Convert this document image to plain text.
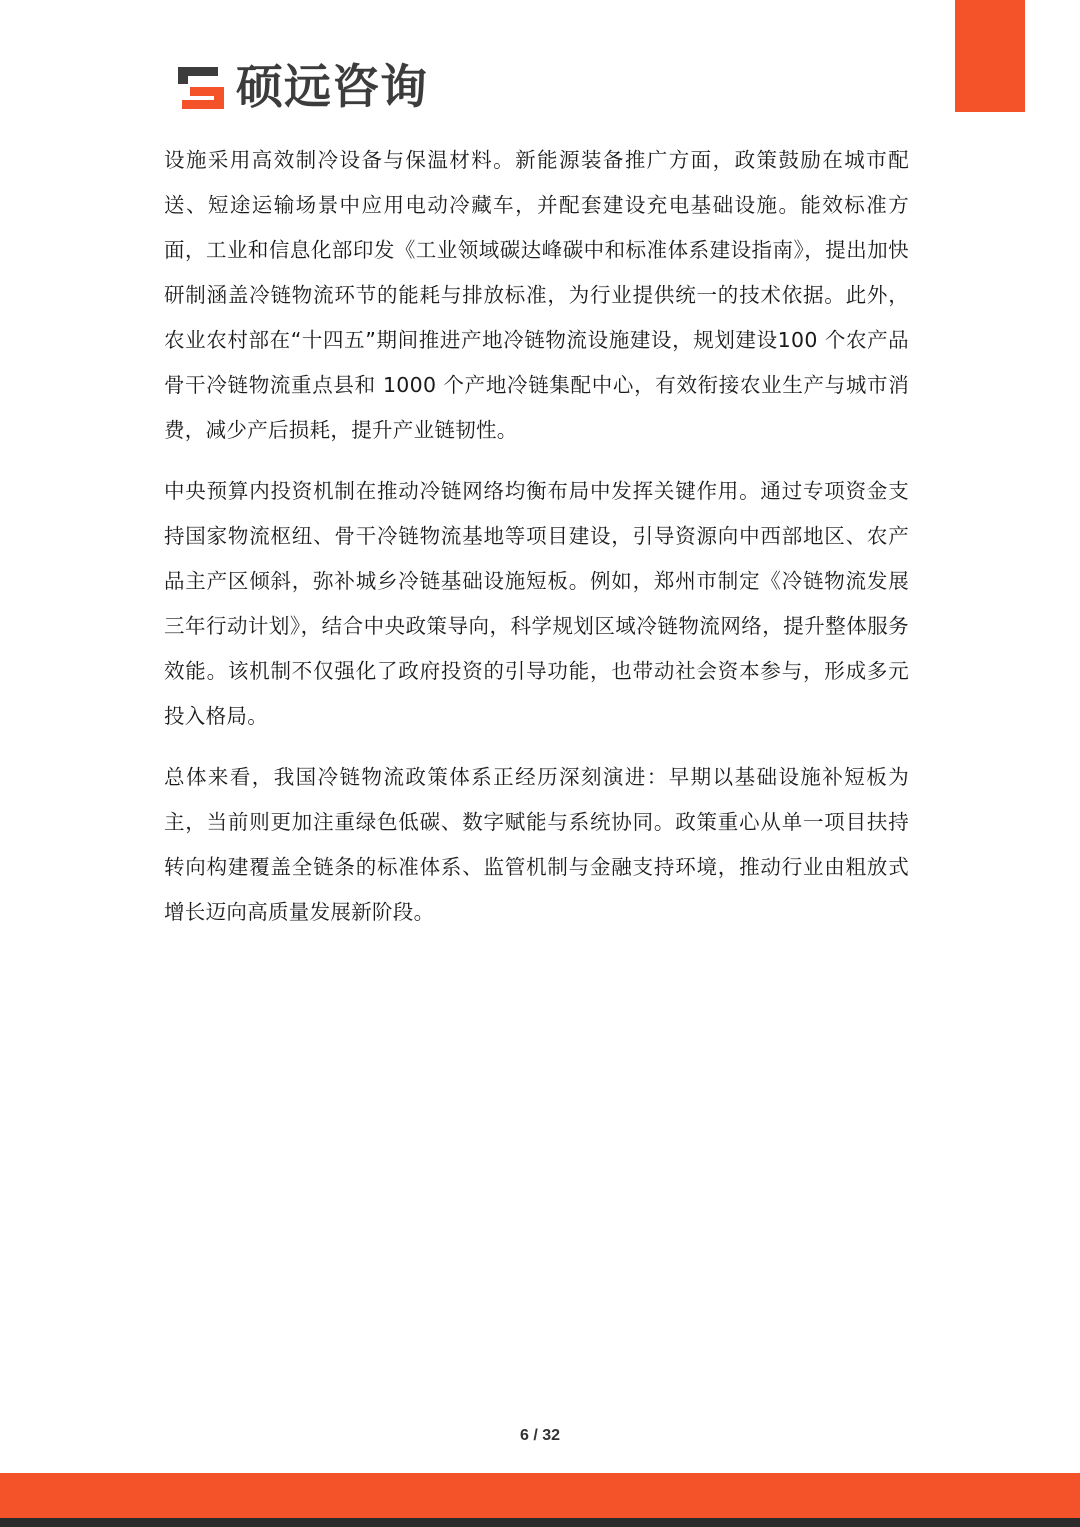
硕远咨询

设施采用高效制冷设备与保温材料。新能源装备推广方面，政策鼓励在城市配送、短途运输场景中应用电动冷藏车，并配套建设充电基础设施。能效标准方面，工业和信息化部印发《工业领域碳达峰碳中和标准体系建设指南》，提出加快研制涵盖冷链物流环节的能耗与排放标准，为行业提供统一的技术依据。此外，农业农村部在“十四五”期间推进产地冷链物流设施建设，规划建设100 个农产品骨干冷链物流重点县和 1000 个产地冷链集配中心，有效衔接农业生产与城市消费，减少产后损耗，提升产业链韧性。

中央预算内投资机制在推动冷链网络均衡布局中发挥关键作用。通过专项资金支持国家物流枢纽、骨干冷链物流基地等项目建设，引导资源向中西部地区、农产品主产区倾斜，弥补城乡冷链基础设施短板。例如，郑州市制定《冷链物流发展三年行动计划》，结合中央政策导向，科学规划区域冷链物流网络，提升整体服务效能。该机制不仅强化了政府投资的引导功能，也带动社会资本参与，形成多元投入格局。

总体来看，我国冷链物流政策体系正经历深刻演进：早期以基础设施补短板为主，当前则更加注重绿色低碳、数字赋能与系统协同。政策重心从单一项目扶持转向构建覆盖全链条的标准体系、监管机制与金融支持环境，推动行业由粗放式增长迈向高质量发展新阶段。

6 / 32
